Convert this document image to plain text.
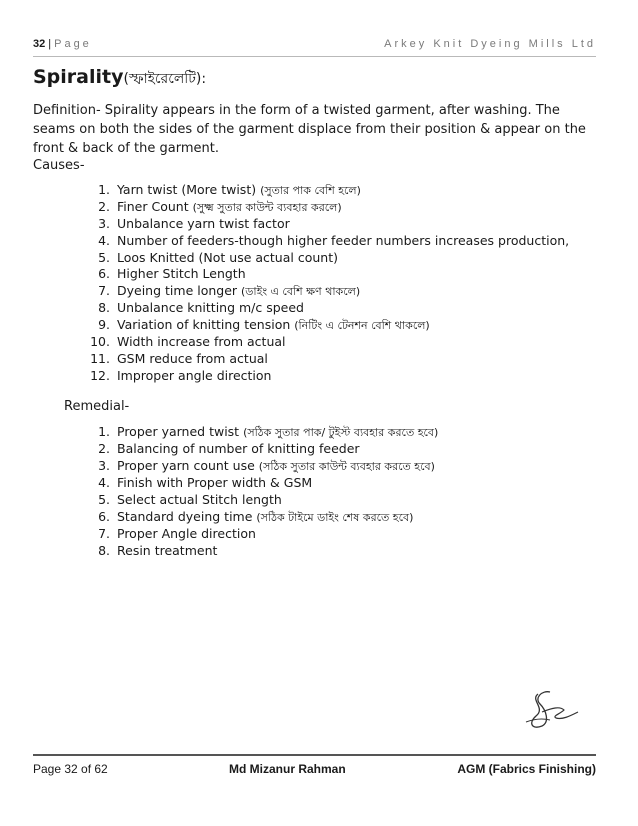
32 | Page	Arkey Knit Dyeing Mills Ltd
Spirality(স্ফাইরেলেটি):
Definition- Spirality appears in the form of a twisted garment, after washing. The seams on both the sides of the garment displace from their position & appear on the front & back of the garment.
Causes-
1. Yarn twist (More twist) (সুতার পাক বেশি হলে)
2. Finer Count (সুক্ষ্ম সুতার কাউন্ট ব্যবহার করলে)
3. Unbalance yarn twist factor
4. Number of feeders-though higher feeder numbers increases production,
5. Loos Knitted (Not use actual count)
6. Higher Stitch Length
7. Dyeing time longer (ডাইং এ বেশি ক্ষণ থাকলে)
8. Unbalance knitting m/c speed
9. Variation of knitting tension (নিটিং এ টেনশন বেশি থাকলে)
10. Width increase from actual
11. GSM reduce from actual
12. Improper angle direction
Remedial-
1. Proper yarned twist (সঠিক সুতার পাক/ টুইস্ট ব্যবহার করতে হবে)
2. Balancing of number of knitting feeder
3. Proper yarn count use (সঠিক সুতার কাউন্ট ব্যবহার করতে হবে)
4. Finish with Proper width & GSM
5. Select actual Stitch length
6. Standard dyeing time (সঠিক টাইমে ডাইং শেষ করতে হবে)
7. Proper Angle direction
8. Resin treatment
Page 32 of 62	Md Mizanur Rahman	AGM (Fabrics Finishing)
